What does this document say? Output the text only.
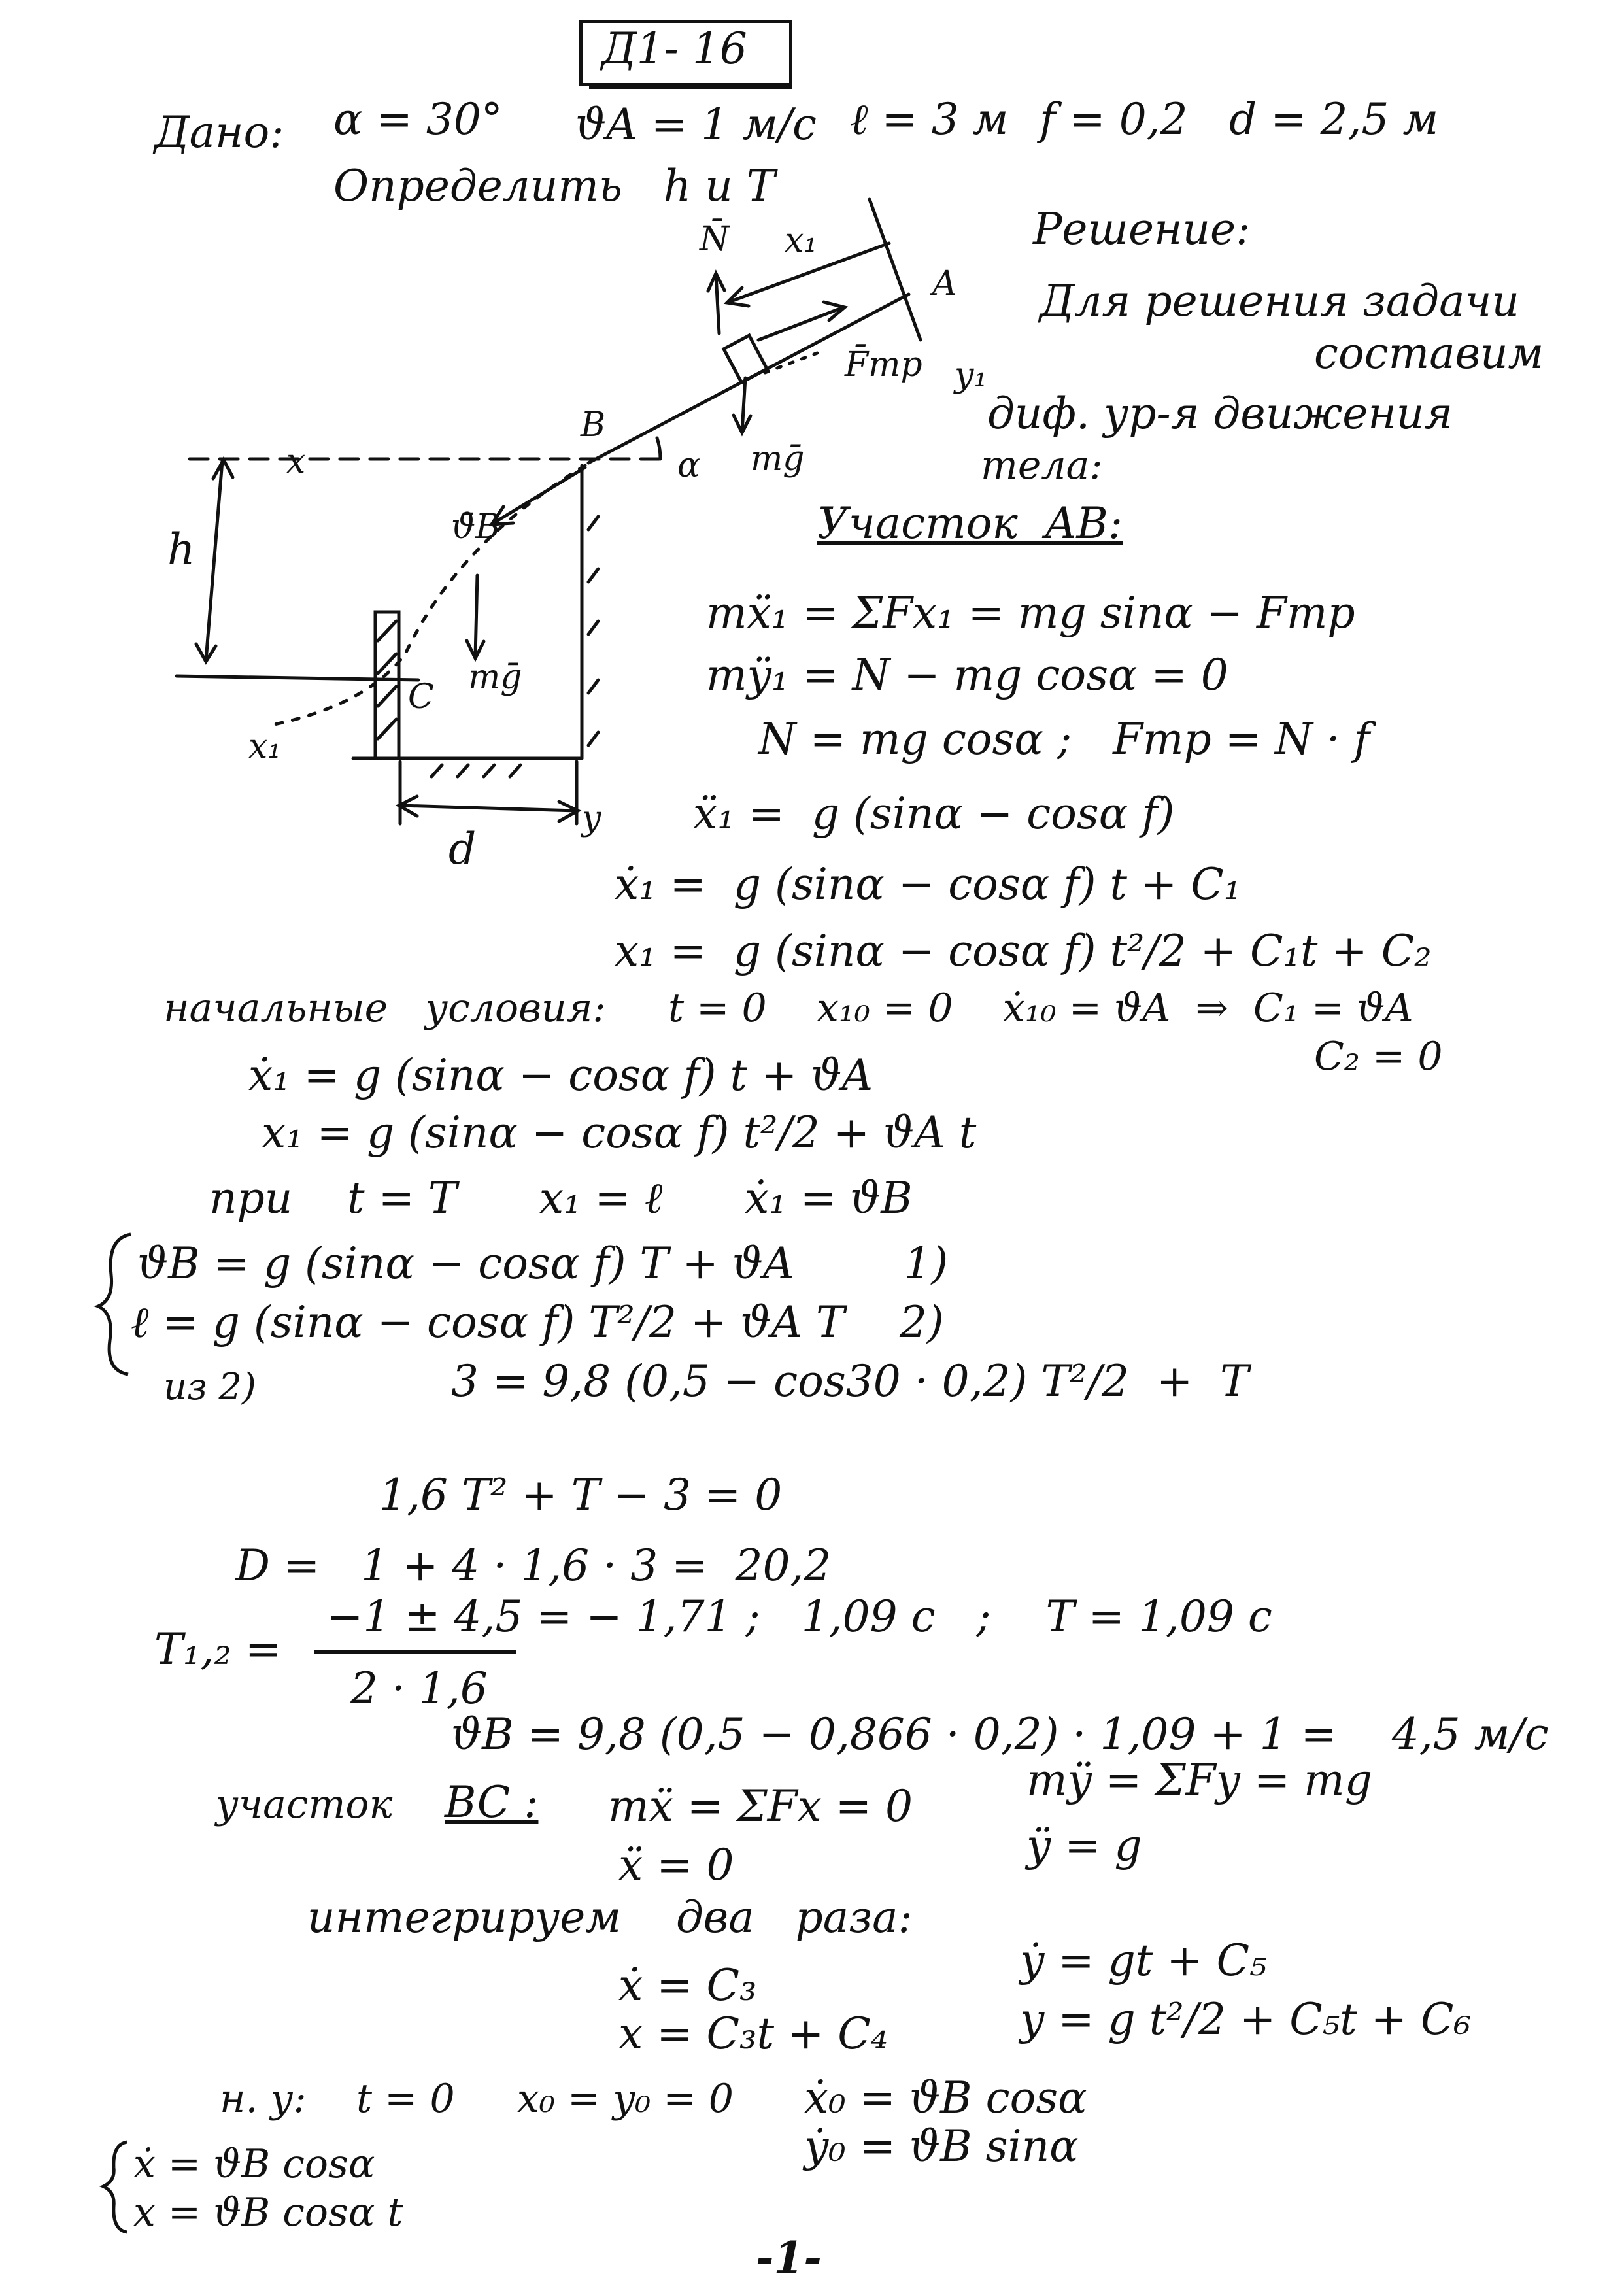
Д1- 16
Дано: α = 30° ϑA = 1 м/с ℓ = 3 м f = 0,2 d = 2,5 м
Определить   h и T
N̄ x₁
A
F̄тр y₁
mḡ
B
α
x
h	ϑ̄B
mḡ
C
x₁
d
y
Решение:
Для решения задачи
составим
диф. ур-я движения
тела:
Участок  AB:
mẍ₁ = ΣFx₁ = mg sinα − Fтр
mÿ₁ = N − mg cosα = 0
N = mg cosα ;   Fтр = N · f
ẍ₁ =  g (sinα − cosα f)
ẋ₁ =  g (sinα − cosα f) t + C₁
x₁ =  g (sinα − cosα f) t²/2 + C₁t + C₂
начальные   условия:     t = 0    x₁₀ = 0    ẋ₁₀ = ϑA  ⇒  C₁ = ϑA
C₂ = 0
ẋ₁ = g (sinα − cosα f) t + ϑA
x₁ = g (sinα − cosα f) t²/2 + ϑA t
при    t = T      x₁ = ℓ      ẋ₁ = ϑB
ϑB = g (sinα − cosα f) T + ϑA        1)
ℓ = g (sinα − cosα f) T²/2 + ϑA T    2)
из 2)	3 = 9,8 (0,5 − cos30 · 0,2) T²/2  +  T
1,6 T² + T − 3 = 0
D =   1 + 4 · 1,6 · 3 =  20,2
T₁,₂ =
−1 ± 4,5
2 · 1,6
= − 1,71 ;   1,09 c   ;    T = 1,09 c
ϑB = 9,8 (0,5 − 0,866 · 0,2) · 1,09 + 1 =    4,5 м/с
участок BC : mẍ = ΣFx = 0
ẍ = 0
mÿ = ΣFy = mg
ÿ = g
интегрируем    два   раза:
ẋ = C₃
x = C₃t + C₄
ẏ = gt + C₅
y = g t²/2 + C₅t + C₆
н. у:    t = 0     x₀ = y₀ = 0 ẋ₀ = ϑB cosα
ẏ₀ = ϑB sinα
ẋ = ϑB cosα
x = ϑB cosα t
-1-
